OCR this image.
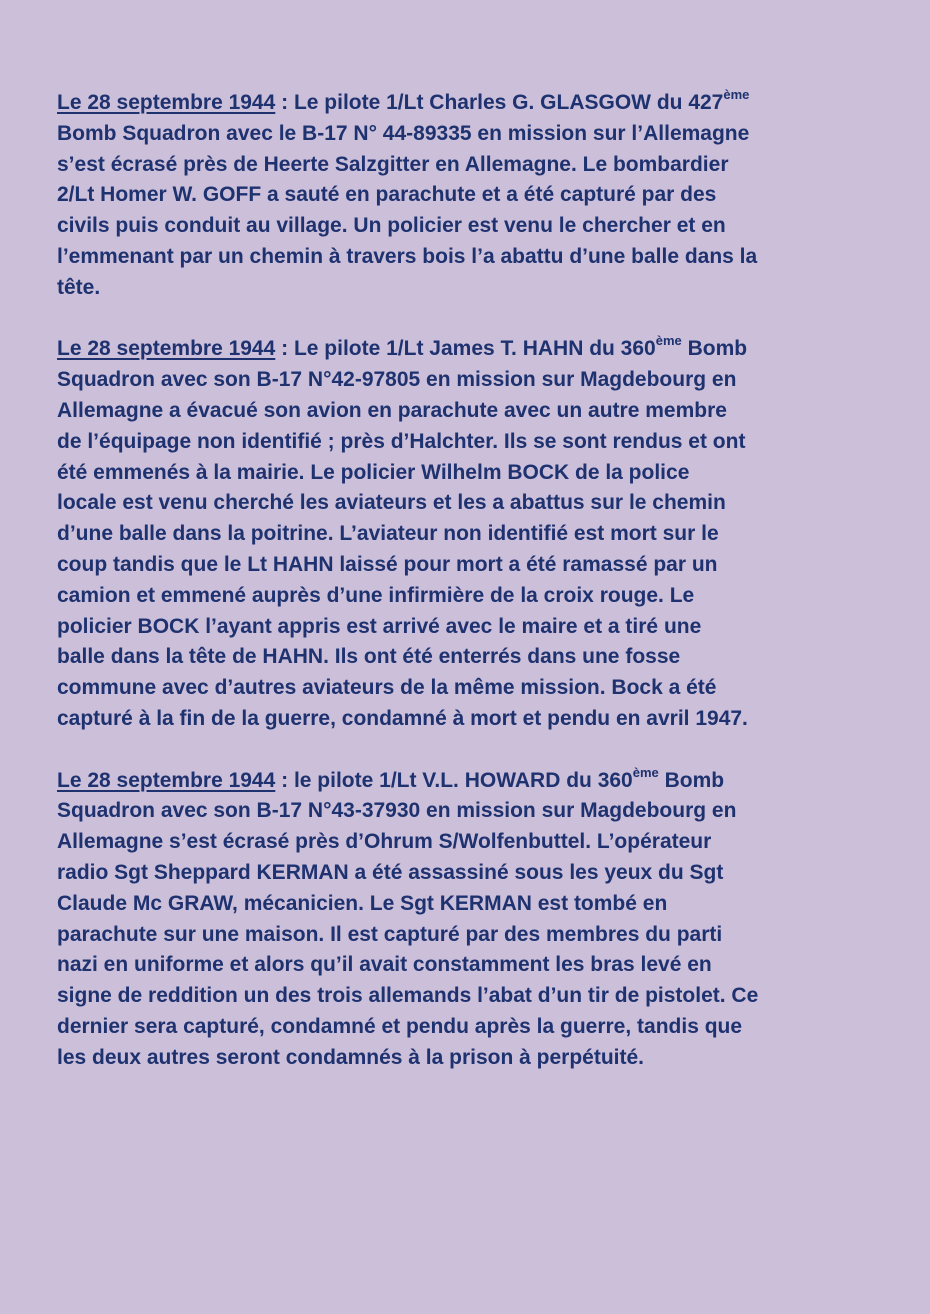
Le 28 septembre 1944 : Le pilote 1/Lt Charles G. GLASGOW du 427ème
Bomb Squadron avec le B-17 N° 44-89335 en mission sur l’Allemagne
s’est écrasé près de Heerte Salzgitter en Allemagne. Le bombardier
2/Lt Homer W. GOFF a sauté en parachute et a été capturé par des
civils puis conduit au village. Un policier est venu le chercher et en
l’emmenant par un chemin à travers bois l’a abattu d’une balle dans la
tête.
Le 28 septembre 1944 : Le pilote 1/Lt James T. HAHN du 360ème Bomb
Squadron avec son B-17 N°42-97805 en mission sur Magdebourg en
Allemagne a évacué son avion en parachute avec un autre membre
de l’équipage non identifié ; près d’Halchter. Ils se sont rendus et ont
été emmenés à la mairie. Le policier Wilhelm BOCK de la police
locale est venu cherché les aviateurs et les a abattus sur le chemin
d’une balle dans la poitrine. L’aviateur non identifié est mort sur le
coup tandis que le Lt HAHN laissé pour mort a été ramassé par un
camion et emmené auprès d’une infirmière de la croix rouge. Le
policier BOCK l’ayant appris est arrivé avec le maire et a tiré une
balle dans la tête de HAHN. Ils ont été enterrés dans une fosse
commune avec d’autres aviateurs de la même mission. Bock a été
capturé à la fin de la guerre, condamné à mort et pendu en avril 1947.
Le 28 septembre 1944 : le pilote 1/Lt V.L. HOWARD du 360ème Bomb
Squadron avec son B-17 N°43-37930 en mission sur Magdebourg en
Allemagne s’est écrasé près d’Ohrum S/Wolfenbuttel. L’opérateur
radio Sgt Sheppard KERMAN a été assassiné sous les yeux du Sgt
Claude Mc GRAW, mécanicien. Le Sgt KERMAN est tombé en
parachute sur une maison. Il est capturé par des membres du parti
nazi en uniforme et alors qu’il avait constamment les bras levé en
signe de reddition un des trois allemands l’abat d’un tir de pistolet. Ce
dernier sera capturé, condamné et pendu après la guerre, tandis que
les deux autres seront condamnés à la prison à perpétuité.
